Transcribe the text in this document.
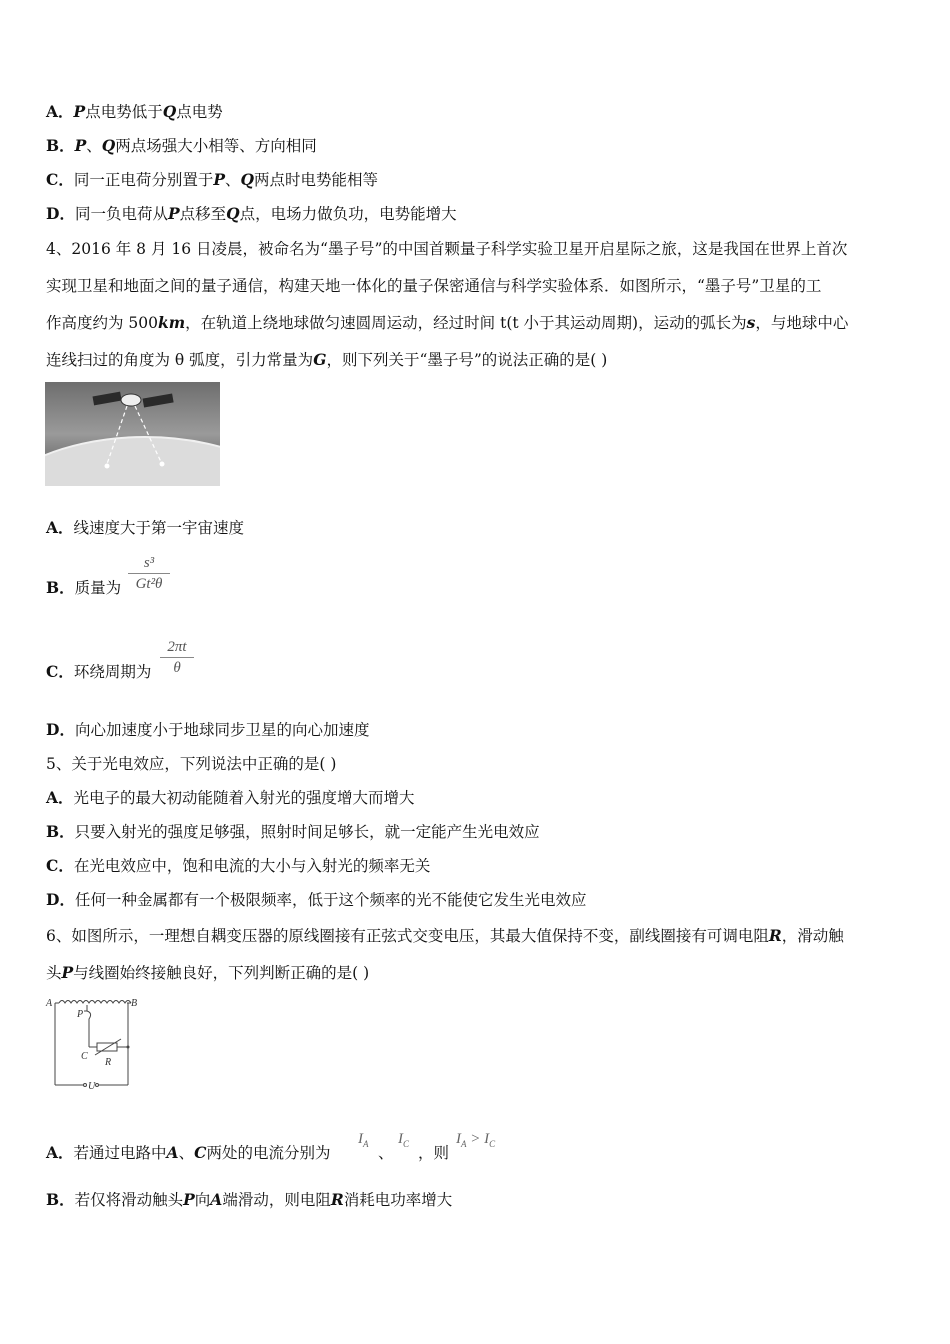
A．P点电势低于Q点电势
B．P、Q两点场强大小相等、方向相同
C．同一正电荷分别置于P、Q两点时电势能相等
D．同一负电荷从P点移至Q点，电场力做负功，电势能增大
4、2016 年 8 月 16 日凌晨，被命名为“墨子号”的中国首颗量子科学实验卫星开启星际之旅，这是我国在世界上首次
实现卫星和地面之间的量子通信，构建天地一体化的量子保密通信与科学实验体系．如图所示，“墨子号”卫星的工
作高度约为 500km，在轨道上绕地球做匀速圆周运动，经过时间 t(t 小于其运动周期)，运动的弧长为s，与地球中心
连线扫过的角度为 θ 弧度，引力常量为G，则下列关于“墨子号”的说法正确的是( )
A．线速度大于第一宇宙速度
B．质量为 $\frac{\text{s³}}{\text{Gt²θ}}$
C．环绕周期为 $\frac{2\pi t}{\theta}$
D．向心加速度小于地球同步卫星的向心加速度
5、关于光电效应，下列说法中正确的是( )
A．光电子的最大初动能随着入射光的强度增大而增大
B．只要入射光的强度足够强，照射时间足够长，就一定能产生光电效应
C．在光电效应中，饱和电流的大小与入射光的频率无关
D．任何一种金属都有一个极限频率，低于这个频率的光不能使它发生光电效应
6、如图所示，一理想自耦变压器的原线圈接有正弦式交变电压，其最大值保持不变，副线圈接有可调电阻R，滑动触
头P与线圈始终接触良好，下列判断正确的是( )
A	B
P
C
R
U
A．若通过电路中A、C两处的电流分别为
$I_A$ 、
$I_C$ ，则
$I_A > I_C$
B．若仅将滑动触头P向A端滑动，则电阻R消耗电功率增大
